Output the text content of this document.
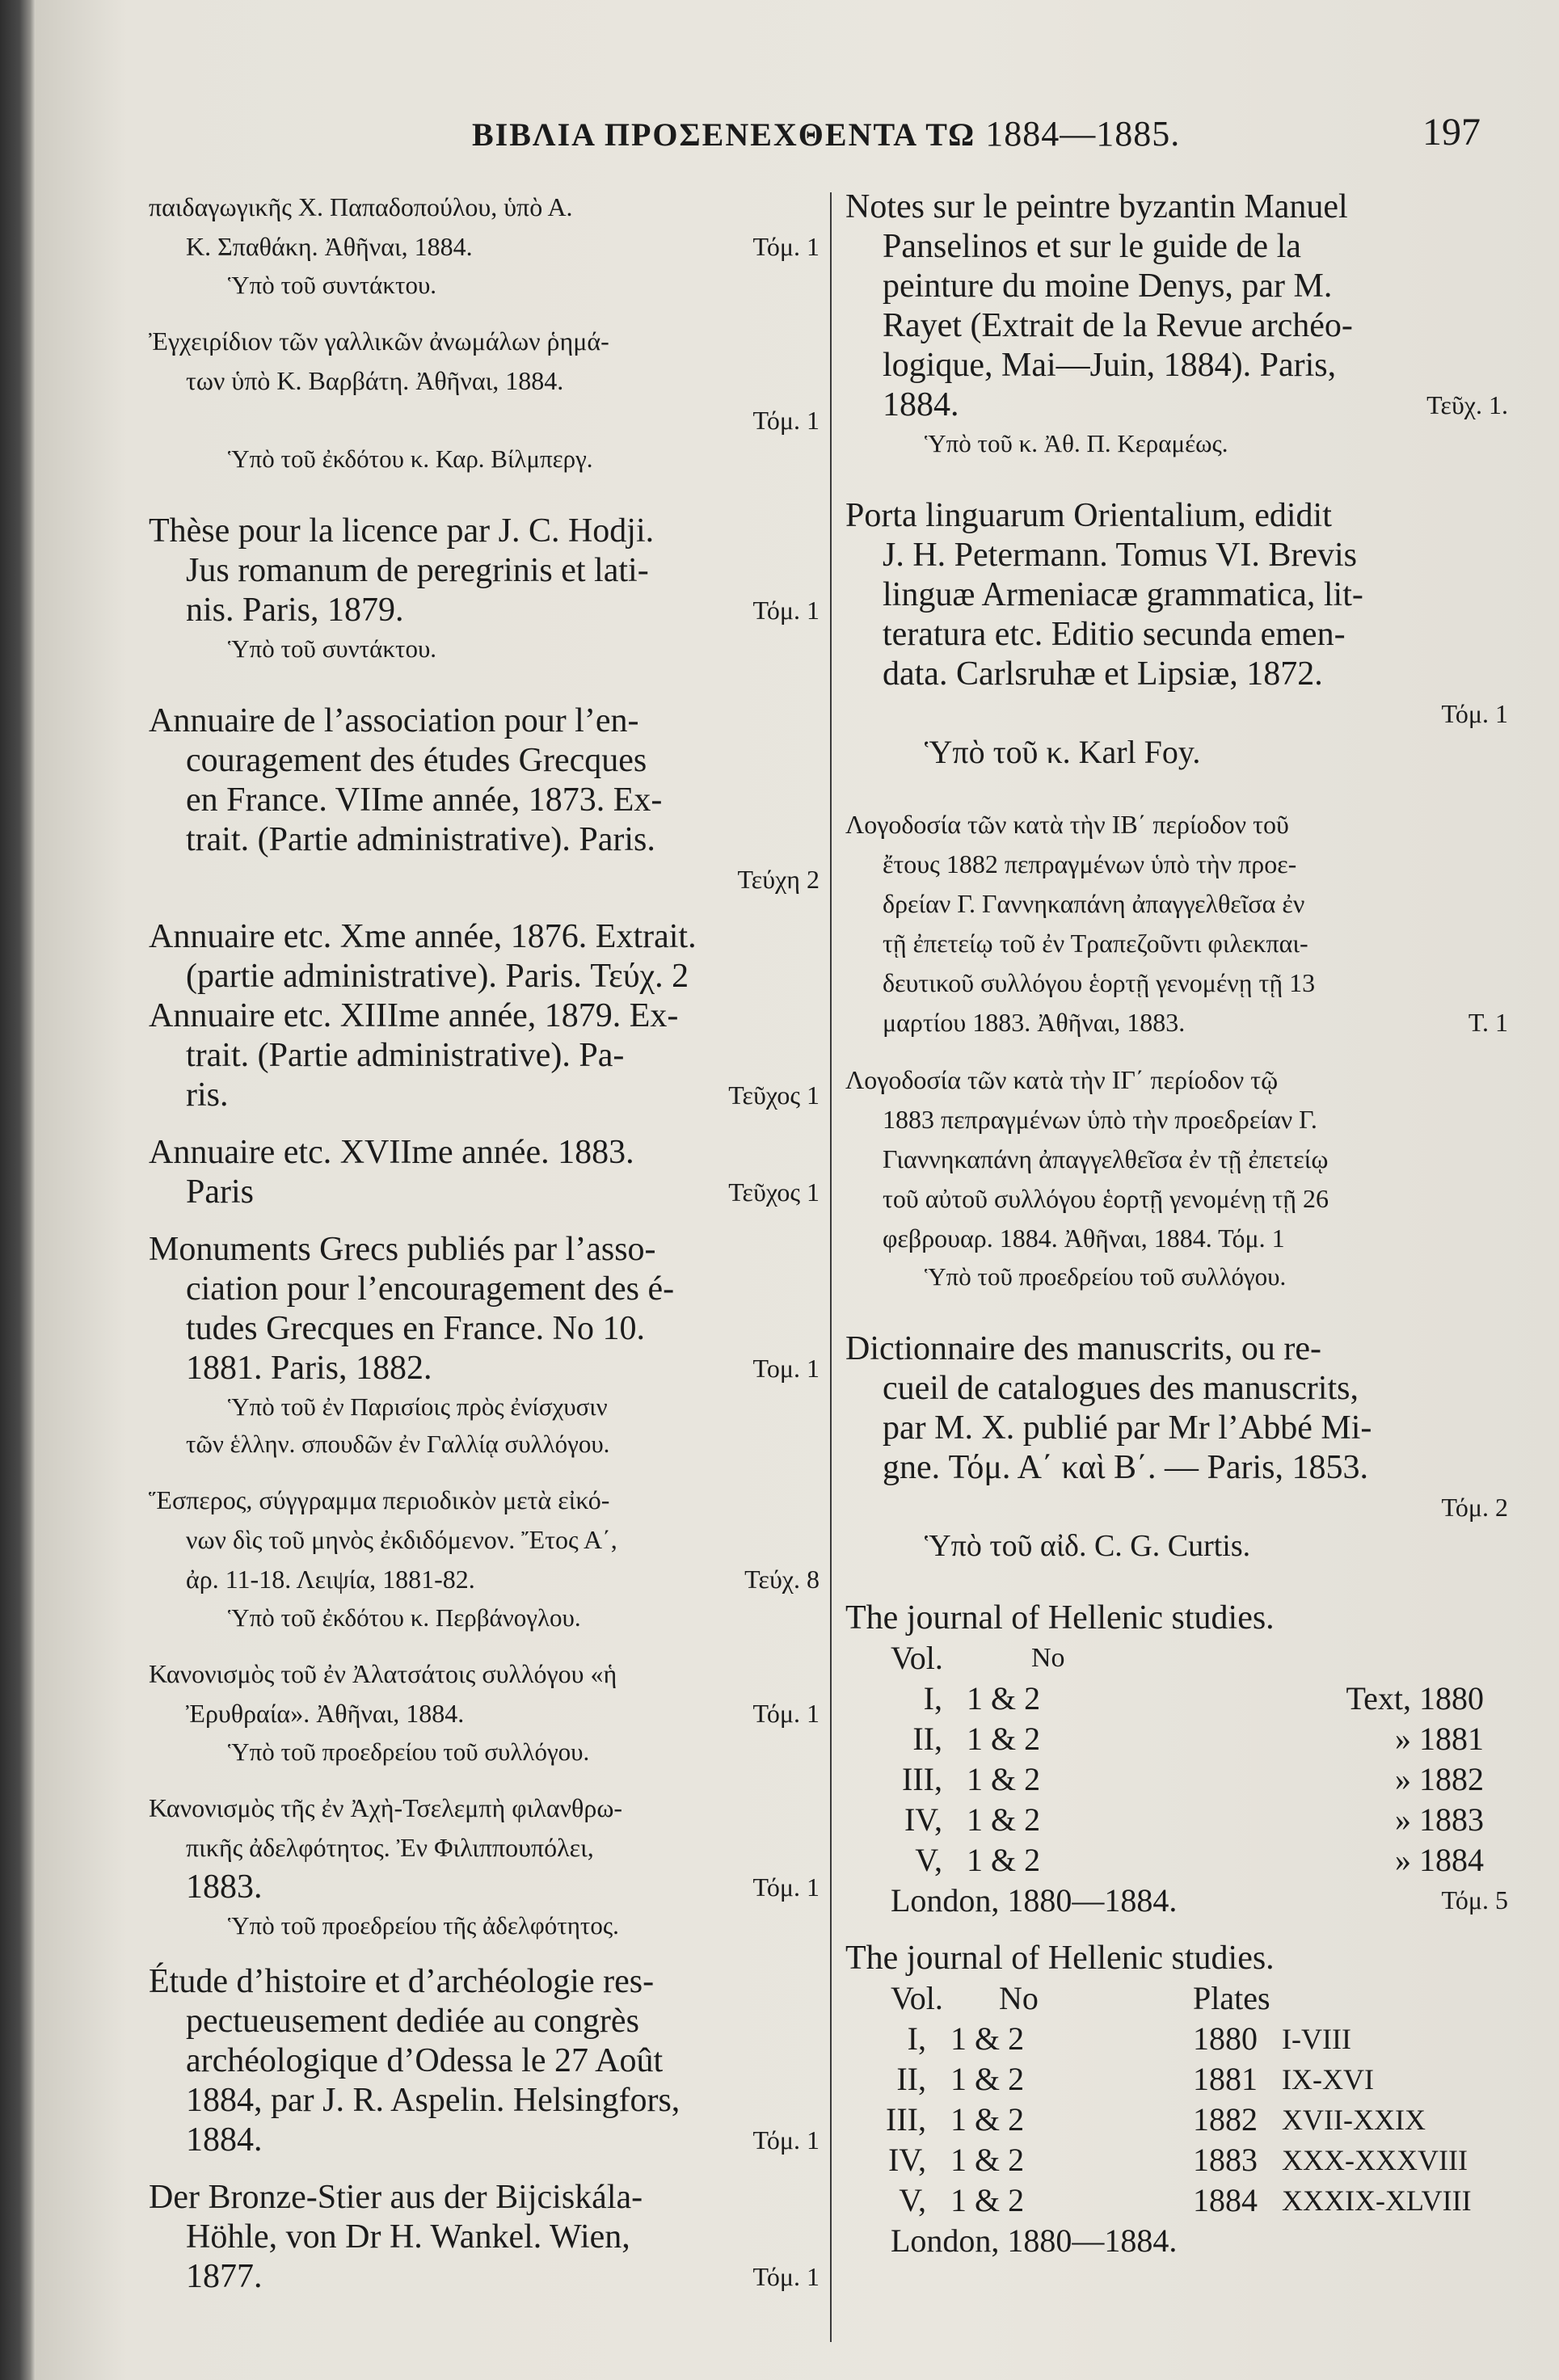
ΒΙΒΛΙΑ ΠΡΟΣΕΝΕΧΘΕΝΤΑ ΤΩ 1884—1885.	197
παιδαγωγικῆς Χ. Παπαδοπούλου, ὑπὸ Α.
Κ. Σπαθάκη. Ἀθῆναι, 1884.	Τόμ. 1
Ὑπὸ τοῦ συντάκτου.
Ἐγχειρίδιον τῶν γαλλικῶν ἀνωμάλων ῥημά-
των ὑπὸ Κ. Βαρβάτη. Ἀθῆναι, 1884.
Τόμ. 1
Ὑπὸ τοῦ ἐκδότου κ. Καρ. Βίλμπεργ.
Thèse pour la licence par J. C. Hodji.
Jus romanum de peregrinis et lati-
nis. Paris, 1879.	Τόμ. 1
Ὑπὸ τοῦ συντάκτου.
Annuaire de l’association pour l’en-
couragement des études Grecques
en France. VIIme année, 1873. Ex-
trait. (Partie administrative). Paris.
Τεύχη 2
Annuaire etc. Xme année, 1876. Extrait.
(partie administrative). Paris. Τεύχ. 2
Annuaire etc. XIIIme année, 1879. Ex-
trait. (Partie administrative). Pa-
ris.	Τεῦχος 1
Annuaire etc. XVIIme année. 1883.
Paris	Τεῦχος 1
Monuments Grecs publiés par l’asso-
ciation pour l’encouragement des é-
tudes Grecques en France. No 10.
1881. Paris, 1882.	Τομ. 1
Ὑπὸ τοῦ ἐν Παρισίοις πρὸς ἐνίσχυσιν
τῶν ἑλλην. σπουδῶν ἐν Γαλλίᾳ συλλόγου.
Ἕσπερος, σύγγραμμα περιοδικὸν μετὰ εἰκό-
νων δὶς τοῦ μηνὸς ἐκδιδόμενον. Ἔτος Α΄,
ἀρ. 11-18. Λειψία, 1881-82.	Τεύχ. 8
Ὑπὸ τοῦ ἐκδότου κ. Περβάνογλου.
Κανονισμὸς τοῦ ἐν Ἀλατσάτοις συλλόγου «ἡ
Ἐρυθραία». Ἀθῆναι, 1884.	Τόμ. 1
Ὑπὸ τοῦ προεδρείου τοῦ συλλόγου.
Κανονισμὸς τῆς ἐν Ἀχὴ-Τσελεμπὴ φιλανθρω-
πικῆς ἀδελφότητος. Ἐν Φιλιππουπόλει,
1883.	Τόμ. 1
Ὑπὸ τοῦ προεδρείου τῆς ἀδελφότητος.
Étude d’histoire et d’archéologie res-
pectueusement dediée au congrès
archéologique d’Odessa le 27 Août
1884, par J. R. Aspelin. Helsingfors,
1884.	Τόμ. 1
Der Bronze-Stier aus der Bijciskála-
Höhle, von Dr H. Wankel. Wien,
1877.	Τόμ. 1
Notes sur le peintre byzantin Manuel
Panselinos et sur le guide de la
peinture du moine Denys, par M.
Rayet (Extrait de la Revue archéo-
logique, Mai—Juin, 1884). Paris,
1884.	Τεῦχ. 1.
Ὑπὸ τοῦ κ. Ἀθ. Π. Κεραμέως.
Porta linguarum Orientalium, edidit
J. H. Petermann. Tomus VI. Brevis
linguæ Armeniacæ grammatica, lit-
teratura etc. Editio secunda emen-
data. Carlsruhæ et Lipsiæ, 1872.
Τόμ. 1
Ὑπὸ τοῦ κ. Karl Foy.
Λογοδοσία τῶν κατὰ τὴν ΙΒ΄ περίοδον τοῦ
ἔτους 1882 πεπραγμένων ὑπὸ τὴν προε-
δρείαν Γ. Γαννηκαπάνη ἀπαγγελθεῖσα ἐν
τῇ ἐπετείῳ τοῦ ἐν Τραπεζοῦντι φιλεκπαι-
δευτικοῦ συλλόγου ἑορτῇ γενομένῃ τῇ 13
μαρτίου 1883. Ἀθῆναι, 1883.	Τ. 1
Λογοδοσία τῶν κατὰ τὴν ΙΓ΄ περίοδον τῷ
1883 πεπραγμένων ὑπὸ τὴν προεδρείαν Γ.
Γιαννηκαπάνη ἀπαγγελθεῖσα ἐν τῇ ἐπετείῳ
τοῦ αὐτοῦ συλλόγου ἑορτῇ γενομένῃ τῇ 26
φεβρουαρ. 1884. Ἀθῆναι, 1884. Τόμ. 1
Ὑπὸ τοῦ προεδρείου τοῦ συλλόγου.
Dictionnaire des manuscrits, ou re-
cueil de catalogues des manuscrits,
par M. X. publié par Mr l’Abbé Mi-
gne. Τόμ. Α΄ καὶ Β΄. — Paris, 1853.
Τόμ. 2
Ὑπὸ τοῦ αἰδ. C. G. Curtis.
The journal of Hellenic studies.
Vol.	No
I, 1 & 2	Text, 1880
II, 1 & 2	» 1881
III, 1 & 2	» 1882
IV, 1 & 2	» 1883
V, 1 & 2	» 1884
London, 1880—1884.	Τόμ. 5
The journal of Hellenic studies.
Vol. No	Plates
I, 1 & 2	1880 I-VIII
II, 1 & 2	1881 IX-XVI
III, 1 & 2	1882 XVII-XXIX
IV, 1 & 2	1883 XXX-XXXVIII
V, 1 & 2	1884 XXXIX-XLVIII
London, 1880—1884.
